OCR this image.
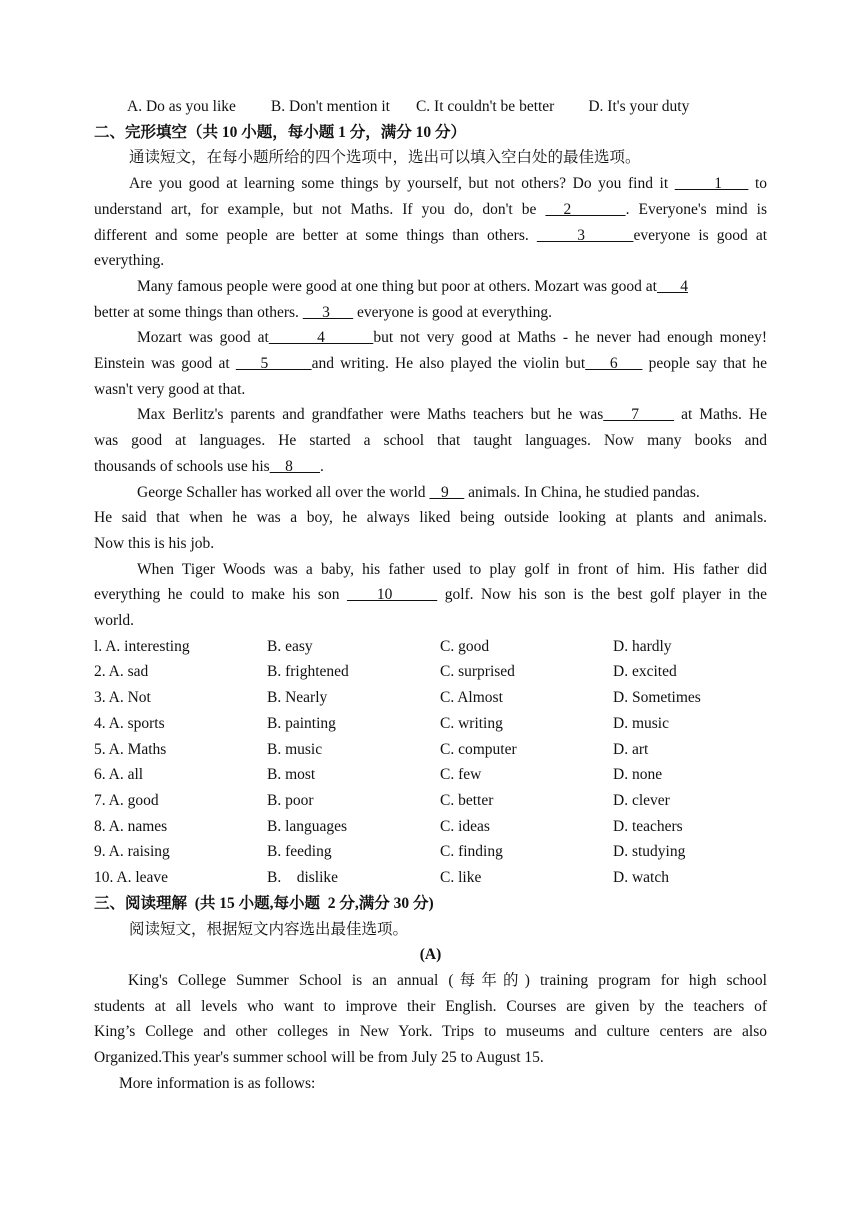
A. Do as you like B. Don't mention it C. It couldn't be better D. It's your duty
二、完形填空（共 10 小题，每小题 1 分，满分 10 分）
通读短文，在每小题所给的四个选项中，选出可以填入空白处的最佳选项。
Are you good at learning some things by yourself, but not others? Do you find it       1     to
understand art, for example, but not Maths. If you do, don't be   2      . Everyone's mind is
different and some people are better at some things than others.      3      everyone is good at
everything.
Many famous people were good at one thing but poor at others. Mozart was good at      4
better at some things than others.      3       everyone is good at everything.
Mozart was good at       4       but not very good at Maths - he never had enough money!
Einstein was good at     5       and writing. He also played the violin but    6     people say that he
wasn't very good at that.
Max Berlitz's parents and grandfather were Maths teachers but he was    7      at Maths. He
was good at languages. He started a school that taught languages. Now many books and
thousands of schools use his    8       .
George Schaller has worked all over the world    9     animals. In China, he studied pandas.
He said that when he was a boy, he always liked being outside looking at plants and animals.
Now this is his job.
When Tiger Woods was a baby, his father used to play golf in front of him. His father did
everything he could to make his son     10       golf. Now his son is the best golf player in the
world.
l. A. interesting	B. easy	C. good	D. hardly
2. A. sad	B. frightened	C. surprised	D. excited
3. A. Not	B. Nearly	C. Almost	D. Sometimes
4. A. sports	B. painting	C. writing	D. music
5. A. Maths	B. music	C. computer	D. art
6. A. all	B. most	C. few	D. none
7. A. good	B. poor	C. better	D. clever
8. A. names	B. languages	C. ideas	D. teachers
9. A. raising	B. feeding	C. finding	D. studying
10. A. leave	B.    dislike	C. like	D. watch
三、阅读理解  (共 15 小题,每小题  2 分,满分 30 分)
阅读短文，根据短文内容选出最佳选项。
(A)
King's College Summer School is an annual (每年的) training program for high school
students at all levels who want to improve their English. Courses are given by the teachers of
King’s College and other colleges in New York. Trips to museums and culture centers are also
Organized.This year's summer school will be from July 25 to August 15.
More information is as follows:
